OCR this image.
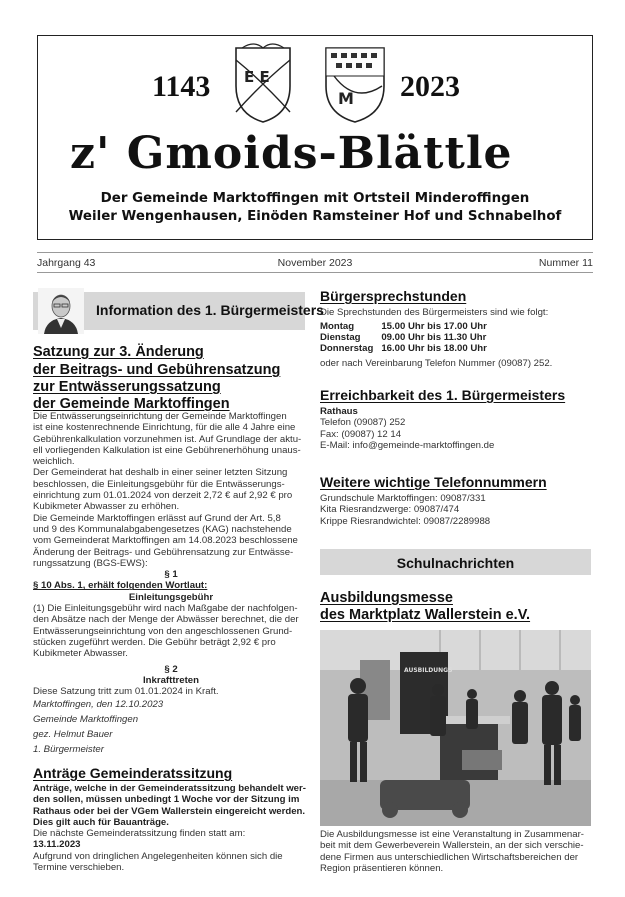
1143	2023
E E
M
z' Gmoids-Blättle
Der Gemeinde Marktoffingen mit Ortsteil Minderoffingen
Weiler Wengenhausen, Einöden Ramsteiner Hof und Schnabelhof
Jahrgang 43	November 2023	Nummer 11
Information des 1. Bürgermeisters
Satzung zur 3. Änderung
der Beitrags- und Gebührensatzung
zur Entwässerungssatzung
der Gemeinde Marktoffingen
Die Entwässerungseinrichtung der Gemeinde Marktoffingen
ist eine kostenrechnende Einrichtung, für die alle 4 Jahre eine
Gebührenkalkulation vorzunehmen ist. Auf Grundlage der aktu-
ell vorliegenden Kalkulation ist eine Gebührenerhöhung unaus-
weichlich.
Der Gemeinderat hat deshalb in einer seiner letzten Sitzung
beschlossen, die Einleitungsgebühr für die Entwässerungs-
einrichtung zum 01.01.2024 von derzeit 2,72 € auf 2,92 € pro
Kubikmeter Abwasser zu erhöhen.
Die Gemeinde Marktoffingen erlässt auf Grund der Art. 5,8
und 9 des Kommunalabgabengesetzes (KAG) nachstehende
vom Gemeinderat Marktoffingen am 14.08.2023 beschlossene
Änderung der Beitrags- und Gebührensatzung zur Entwässe-
rungssatzung (BGS-EWS):
§ 1
§ 10 Abs. 1, erhält folgenden Wortlaut:
Einleitungsgebühr
(1) Die Einleitungsgebühr wird nach Maßgabe der nachfolgen-
den Absätze nach der Menge der Abwässer berechnet, die der
Entwässerungseinrichtung von den angeschlossenen Grund-
stücken zugeführt werden. Die Gebühr beträgt 2,92 € pro
Kubikmeter Abwasser.
§ 2
Inkrafttreten
Diese Satzung tritt zum 01.01.2024 in Kraft.
Marktoffingen, den 12.10.2023
Gemeinde Marktoffingen
gez. Helmut Bauer
1. Bürgermeister
Anträge Gemeinderatssitzung
Anträge, welche in der Gemeinderatssitzung behandelt wer-
den sollen, müssen unbedingt 1 Woche vor der Sitzung im
Rathaus oder bei der VGem Wallerstein eingereicht werden.
Dies gilt auch für Bauanträge.
Die nächste Gemeinderatssitzung finden statt am:
13.11.2023
Aufgrund von dringlichen Angelegenheiten können sich die
Termine verschieben.
Bürgersprechstunden
Die Sprechstunden des Bürgermeisters sind wie folgt:
Montag	15.00 Uhr bis 17.00 Uhr
Dienstag	09.00 Uhr bis 11.30 Uhr
Donnerstag	16.00 Uhr bis 18.00 Uhr
oder nach Vereinbarung Telefon Nummer (09087) 252.
Erreichbarkeit des 1. Bürgermeisters
Rathaus
Telefon (09087) 252
Fax: (09087) 12 14
E-Mail: info@gemeinde-marktoffingen.de
Weitere wichtige Telefonnummern
Grundschule Marktoffingen: 09087/331
Kita Riesrandzwerge: 09087/474
Krippe Riesrandwichtel: 09087/2289988
Schulnachrichten
Ausbildungsmesse
des Marktplatz Wallerstein e.V.
AUSBILDUNGS
Die Ausbildungsmesse ist eine Veranstaltung in Zusammenar-
beit mit dem Gewerbeverein Wallerstein, an der sich verschie-
dene Firmen aus unterschiedlichen Wirtschaftsbereichen der
Region präsentieren können.
